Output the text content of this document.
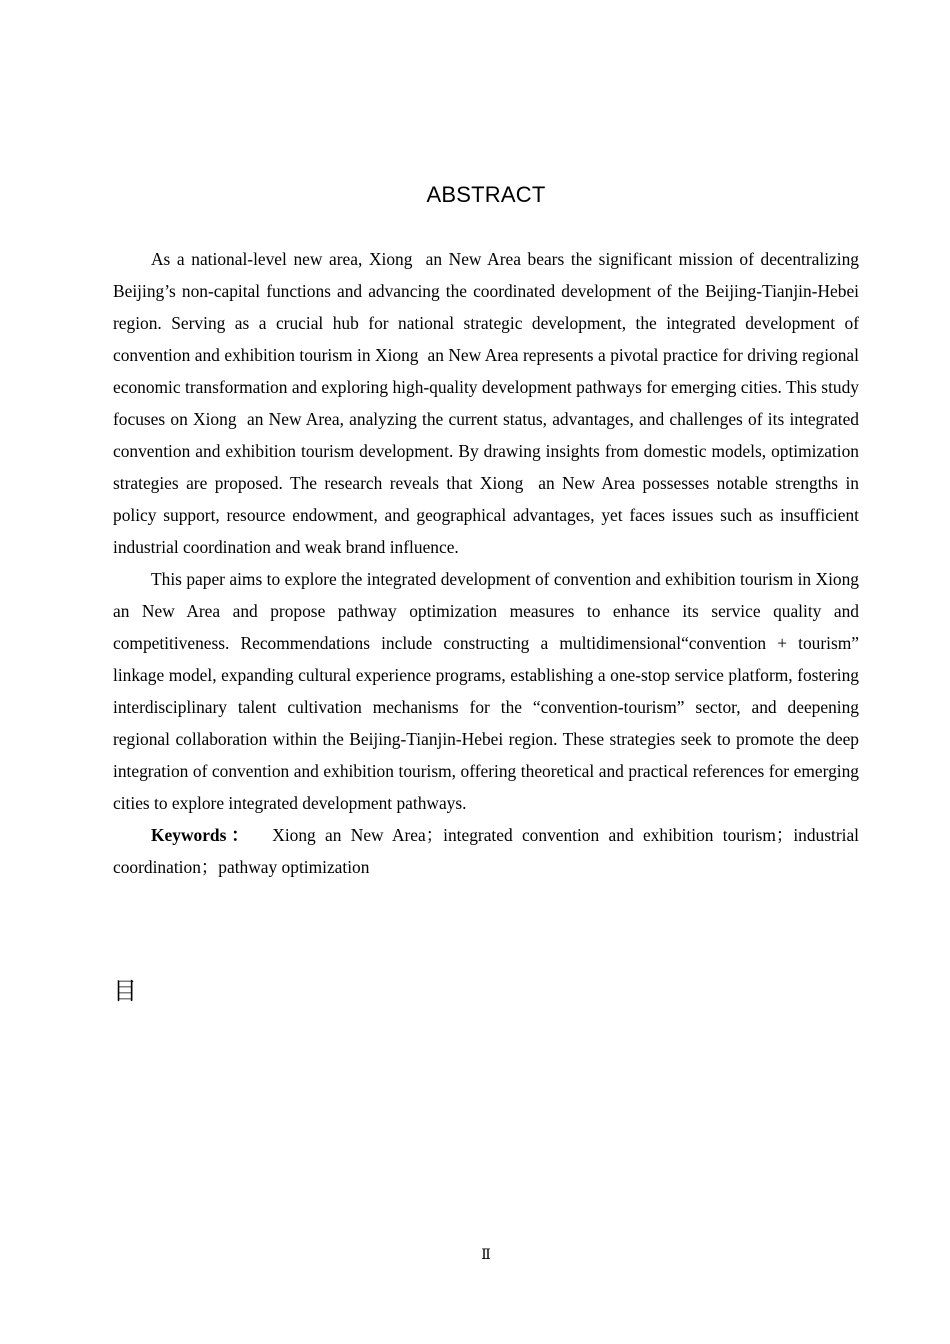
ABSTRACT

As a national-level new area, Xiong  an New Area bears the significant mission of decentralizing Beijing’s non-capital functions and advancing the coordinated development of the Beijing-Tianjin-Hebei region. Serving as a crucial hub for national strategic development, the integrated development of convention and exhibition tourism in Xiong  an New Area represents a pivotal practice for driving regional economic transformation and exploring high-quality development pathways for emerging cities. This study focuses on Xiong  an New Area, analyzing the current status, advantages, and challenges of its integrated convention and exhibition tourism development. By drawing insights from domestic models, optimization strategies are proposed. The research reveals that Xiong  an New Area possesses notable strengths in policy support, resource endowment, and geographical advantages, yet faces issues such as insufficient industrial coordination and weak brand influence.

This paper aims to explore the integrated development of convention and exhibition tourism in Xiong  an New Area and propose pathway optimization measures to enhance its service quality and competitiveness. Recommendations include constructing a multidimensional“convention + tourism” linkage model, expanding cultural experience programs, establishing a one-stop service platform, fostering interdisciplinary talent cultivation mechanisms for the “convention-tourism” sector, and deepening regional collaboration within the Beijing-Tianjin-Hebei region. These strategies seek to promote the deep integration of convention and exhibition tourism, offering theoretical and practical references for emerging cities to explore integrated development pathways.

Keywords：  Xiong an New Area；integrated convention and exhibition tourism；industrial coordination；pathway optimization

目
Ⅱ
